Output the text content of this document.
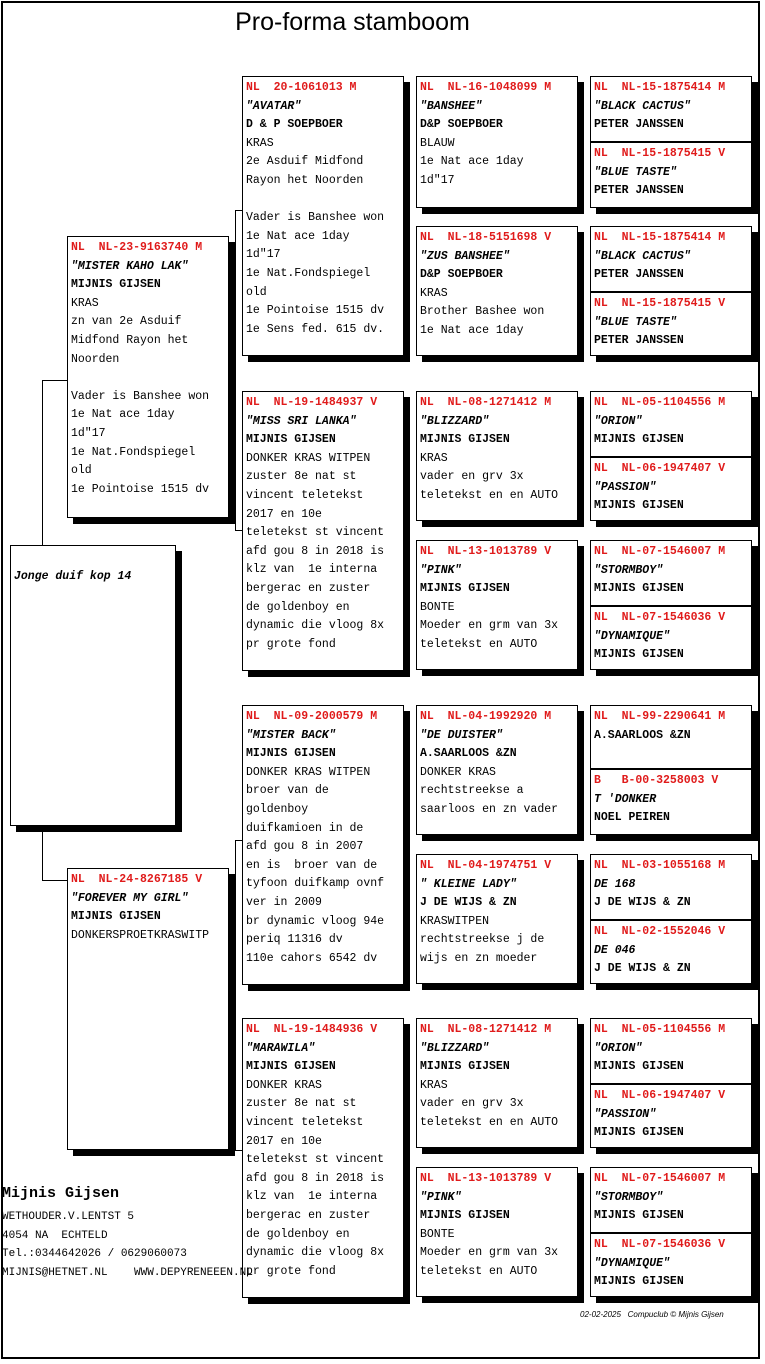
Pro-forma stamboom
Jonge duif kop 14
NL  NL-23-9163740 M
"MISTER KAHO LAK"
MIJNIS GIJSEN
KRAS
zn van 2e Asduif
Midfond Rayon het
Noorden
Vader is Banshee won
1e Nat ace 1day
1d"17
1e Nat.Fondspiegel
old
1e Pointoise 1515 dv
NL  NL-24-8267185 V
"FOREVER MY GIRL"
MIJNIS GIJSEN
DONKERSPROETKRASWITP
NL  20-1061013 M
"AVATAR"
D & P SOEPBOER
KRAS
2e Asduif Midfond
Rayon het Noorden
Vader is Banshee won
1e Nat ace 1day
1d"17
1e Nat.Fondspiegel
old
1e Pointoise 1515 dv
1e Sens fed. 615 dv.
NL  NL-19-1484937 V
"MISS SRI LANKA"
MIJNIS GIJSEN
DONKER KRAS WITPEN
zuster 8e nat st
vincent teletekst
2017 en 10e
teletekst st vincent
afd gou 8 in 2018 is
klz van  1e interna
bergerac en zuster
de goldenboy en
dynamic die vloog 8x
pr grote fond
NL  NL-09-2000579 M
"MISTER BACK"
MIJNIS GIJSEN
DONKER KRAS WITPEN
broer van de
goldenboy
duifkamioen in de
afd gou 8 in 2007
en is  broer van de
tyfoon duifkamp ovnf
ver in 2009
br dynamic vloog 94e
periq 11316 dv
110e cahors 6542 dv
NL  NL-19-1484936 V
"MARAWILA"
MIJNIS GIJSEN
DONKER KRAS
zuster 8e nat st
vincent teletekst
2017 en 10e
teletekst st vincent
afd gou 8 in 2018 is
klz van  1e interna
bergerac en zuster
de goldenboy en
dynamic die vloog 8x
pr grote fond
NL  NL-16-1048099 M
"BANSHEE"
D&P SOEPBOER
BLAUW
1e Nat ace 1day
1d"17
NL  NL-18-5151698 V
"ZUS BANSHEE"
D&P SOEPBOER
KRAS
Brother Bashee won
1e Nat ace 1day
NL  NL-08-1271412 M
"BLIZZARD"
MIJNIS GIJSEN
KRAS
vader en grv 3x
teletekst en en AUTO
NL  NL-13-1013789 V
"PINK"
MIJNIS GIJSEN
BONTE
Moeder en grm van 3x
teletekst en AUTO
NL  NL-04-1992920 M
"DE DUISTER"
A.SAARLOOS &ZN
DONKER KRAS
rechtstreekse a
saarloos en zn vader
NL  NL-04-1974751 V
" KLEINE LADY"
J DE WIJS & ZN
KRASWITPEN
rechtstreekse j de
wijs en zn moeder
NL  NL-08-1271412 M
"BLIZZARD"
MIJNIS GIJSEN
KRAS
vader en grv 3x
teletekst en en AUTO
NL  NL-13-1013789 V
"PINK"
MIJNIS GIJSEN
BONTE
Moeder en grm van 3x
teletekst en AUTO
NL  NL-15-1875414 M
"BLACK CACTUS"
PETER JANSSEN
NL  NL-15-1875415 V
"BLUE TASTE"
PETER JANSSEN
NL  NL-15-1875414 M
"BLACK CACTUS"
PETER JANSSEN
NL  NL-15-1875415 V
"BLUE TASTE"
PETER JANSSEN
NL  NL-05-1104556 M
"ORION"
MIJNIS GIJSEN
NL  NL-06-1947407 V
"PASSION"
MIJNIS GIJSEN
NL  NL-07-1546007 M
"STORMBOY"
MIJNIS GIJSEN
NL  NL-07-1546036 V
"DYNAMIQUE"
MIJNIS GIJSEN
NL  NL-99-2290641 M
A.SAARLOOS &ZN
B   B-00-3258003 V
T 'DONKER
NOEL PEIREN
NL  NL-03-1055168 M
DE 168
J DE WIJS & ZN
NL  NL-02-1552046 V
DE 046
J DE WIJS & ZN
NL  NL-05-1104556 M
"ORION"
MIJNIS GIJSEN
NL  NL-06-1947407 V
"PASSION"
MIJNIS GIJSEN
NL  NL-07-1546007 M
"STORMBOY"
MIJNIS GIJSEN
NL  NL-07-1546036 V
"DYNAMIQUE"
MIJNIS GIJSEN
Mijnis Gijsen
WETHOUDER.V.LENTST 5
4054 NA  ECHTELD
Tel.:0344642026 / 0629060073
MIJNIS@HETNET.NL    WWW.DEPYRENEEEN.NL
02-02-2025   Compuclub © Mijnis Gijsen
